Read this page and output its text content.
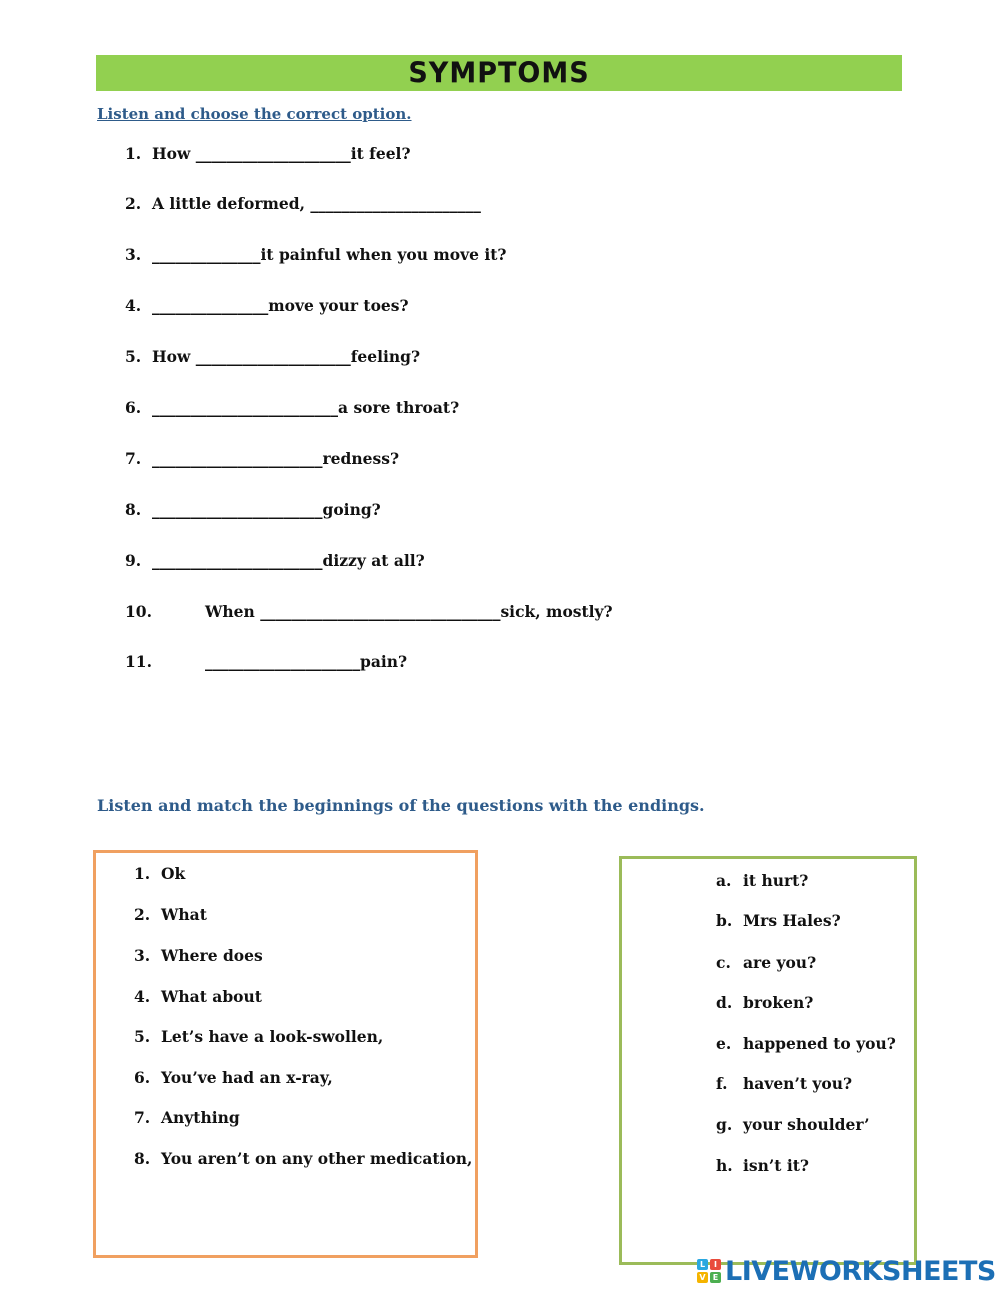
SYMPTOMS
Listen and choose the correct option.
1. How ____________________it feel?
2. A little deformed, ______________________
3. ______________it painful when you move it?
4. _______________move your toes?
5. How ____________________feeling?
6. ________________________a sore throat?
7. ______________________redness?
8. ______________________going?
9. ______________________dizzy at all?
10.	When _______________________________sick, mostly?
11.	____________________pain?
Listen and match the beginnings of the questions with the endings.
1. Ok
2. What
3. Where does
4. What about
5. Let’s have a look-swollen,
6. You’ve had an x-ray,
7. Anything
8. You aren’t on any other medication,
a. it hurt?
b. Mrs Hales?
c. are you?
d. broken?
e. happened to you?
f. haven’t you?
g. your shoulder’
h. isn’t it?
L	I
V E LIVEWORKSHEETS
